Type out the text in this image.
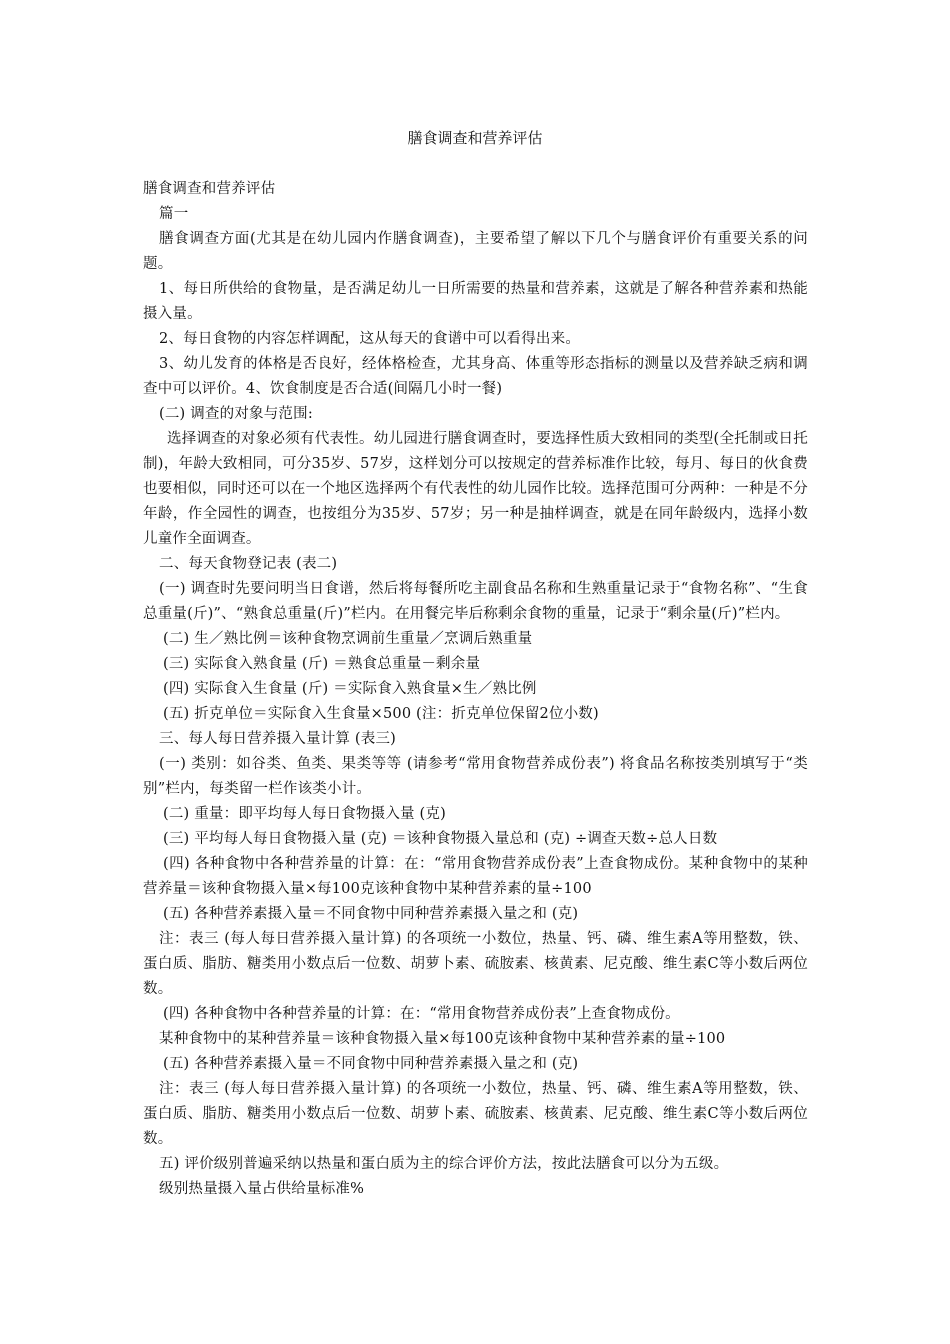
膳食调查和营养评估

膳食调查和营养评估

篇一

膳食调查方面(尤其是在幼儿园内作膳食调查)，主要希望了解以下几个与膳食评价有重要关系的问题。

1、每日所供给的食物量，是否满足幼儿一日所需要的热量和营养素，这就是了解各种营养素和热能摄入量。

2、每日食物的内容怎样调配，这从每天的食谱中可以看得出来。

3、幼儿发育的体格是否良好，经体格检查，尤其身高、体重等形态指标的测量以及营养缺乏病和调查中可以评价。4、饮食制度是否合适(间隔几小时一餐)

(二) 调查的对象与范围:

选择调查的对象必须有代表性。幼儿园进行膳食调查时，要选择性质大致相同的类型(全托制或日托制)，年龄大致相同，可分35岁、57岁，这样划分可以按规定的营养标准作比较，每月、每日的伙食费也要相似，同时还可以在一个地区选择两个有代表性的幼儿园作比较。选择范围可分两种：一种是不分年龄，作全园性的调查，也按组分为35岁、57岁；另一种是抽样调查，就是在同年龄级内，选择小数儿童作全面调查。

二、每天食物登记表 (表二)

(一) 调查时先要问明当日食谱，然后将每餐所吃主副食品名称和生熟重量记录于“食物名称”、“生食总重量(斤)”、“熟食总重量(斤)”栏内。在用餐完毕后称剩余食物的重量，记录于“剩余量(斤)”栏内。

(二) 生／熟比例＝该种食物烹调前生重量／烹调后熟重量

(三) 实际食入熟食量 (斤) ＝熟食总重量－剩余量

(四) 实际食入生食量 (斤) ＝实际食入熟食量×生／熟比例

(五) 折克单位＝实际食入生食量×500 (注：折克单位保留2位小数)

三、每人每日营养摄入量计算 (表三)

(一) 类别：如谷类、鱼类、果类等等 (请参考“常用食物营养成份表”) 将食品名称按类别填写于“类别”栏内，每类留一栏作该类小计。

(二) 重量：即平均每人每日食物摄入量 (克)

(三) 平均每人每日食物摄入量 (克) ＝该种食物摄入量总和 (克) ÷调查天数÷总人日数

(四) 各种食物中各种营养量的计算：在：“常用食物营养成份表”上查食物成份。某种食物中的某种营养量＝该种食物摄入量×每100克该种食物中某种营养素的量÷100

(五) 各种营养素摄入量＝不同食物中同种营养素摄入量之和 (克)

注：表三 (每人每日营养摄入量计算) 的各项统一小数位，热量、钙、磷、维生素A等用整数，铁、蛋白质、脂肪、糖类用小数点后一位数、胡萝卜素、硫胺素、核黄素、尼克酸、维生素C等小数后两位数。

(四) 各种食物中各种营养量的计算：在：“常用食物营养成份表”上查食物成份。

某种食物中的某种营养量＝该种食物摄入量×每100克该种食物中某种营养素的量÷100

(五) 各种营养素摄入量＝不同食物中同种营养素摄入量之和 (克)

注：表三 (每人每日营养摄入量计算) 的各项统一小数位，热量、钙、磷、维生素A等用整数，铁、蛋白质、脂肪、糖类用小数点后一位数、胡萝卜素、硫胺素、核黄素、尼克酸、维生素C等小数后两位数。

五) 评价级别普遍采纳以热量和蛋白质为主的综合评价方法，按此法膳食可以分为五级。

级别热量摄入量占供给量标准%
